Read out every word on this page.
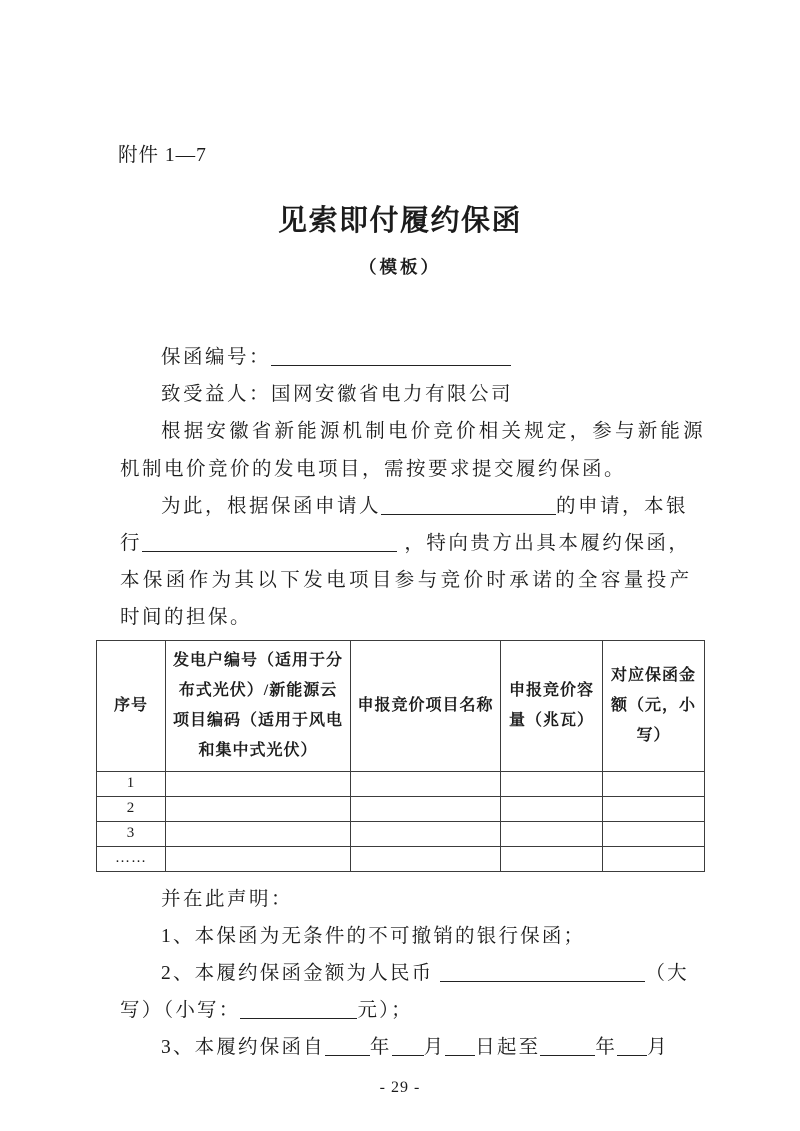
附件 1—7
见索即付履约保函
（模板）
保函编号：
致受益人：国网安徽省电力有限公司
根据安徽省新能源机制电价竞价相关规定，参与新能源
机制电价竞价的发电项目，需按要求提交履约保函。
为此，根据保函申请人	的申请，本银
行	，特向贵方出具本履约保函，
本保函作为其以下发电项目参与竞价时承诺的全容量投产
时间的担保。
序号	发电户编号（适用于分布式光伏）/新能源云项目编码（适用于风电和集中式光伏）	申报竞价项目名称	申报竞价容量（兆瓦）	对应保函金额（元，小写）
1				
2				
3				
……				
并在此声明：
1、本保函为无条件的不可撤销的银行保函；
2、本履约保函金额为人民币	（大
写）（小写：	元）；
3、本履约保函自 年 月 日起至	年 月
- 29 -
